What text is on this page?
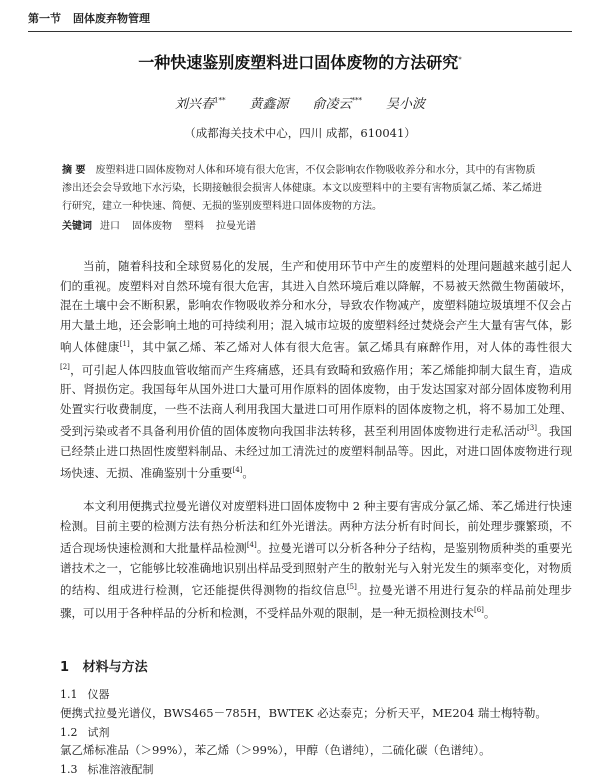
第一节 固体废弃物管理
一种快速鉴别废塑料进口固体废物的方法研究*
刘兴春$^{1**}$ 黄鑫源 俞凌云*** 吴小波
（成都海关技术中心，四川 成都，610041）
摘 要 废塑料进口固体废物对人体和环境有很大危害，不仅会影响农作物吸收养分和水分，其中的有害物质渗出还会会导致地下水污染，长期接触很会损害人体健康。本文以废塑料中的主要有害物质氯乙烯、苯乙烯进行研究，建立一种快速、简便、无损的鉴别废塑料进口固体废物的方法。
关键词 进口 固体废物 塑料 拉曼光谱

当前，随着科技和全球贸易化的发展，生产和使用环节中产生的废塑料的处理问题越来越引起人们的重视。废塑料对自然环境有很大危害，其进入自然环境后难以降解，不易被天然微生物菌破坏，混在土壤中会不断积累，影响农作物吸收养分和水分，导致农作物减产，废塑料随垃圾填埋不仅会占用大量土地，还会影响土地的可持续利用；混入城市垃圾的废塑料经过焚烧会产生大量有害气体，影响人体健康[1]，其中氯乙烯、苯乙烯对人体有很大危害。氯乙烯具有麻醉作用，对人体的毒性很大[2]，可引起人体四肢血管收缩而产生疼痛感，还具有致畸和致癌作用；苯乙烯能抑制大鼠生育，造成肝、肾损伤定。我国每年从国外进口大量可用作原料的固体废物，由于发达国家对部分固体废物利用处置实行收费制度，一些不法商人利用我国大量进口可用作原料的固体废物之机，将不易加工处理、受到污染或者不具备利用价值的固体废物向我国非法转移，甚至利用固体废物进行走私活动[3]。我国已经禁止进口热固性废塑料制品、未经过加工清洗过的废塑料制品等。因此，对进口固体废物进行现场快速、无损、准确鉴别十分重要[4]。

本文利用便携式拉曼光谱仪对废塑料进口固体废物中 2 种主要有害成分氯乙烯、苯乙烯进行快速检测。目前主要的检测方法有热分析法和红外光谱法。两种方法分析有时间长，前处理步骤繁琐，不适合现场快速检测和大批量样品检测[4]。拉曼光谱可以分析各种分子结构，是鉴别物质种类的重要光谱技术之一，它能够比较准确地识别出样品受到照射产生的散射光与入射光发生的频率变化，对物质的结构、组成进行检测，它还能提供得测物的指纹信息[5]。拉曼光谱不用进行复杂的样品前处理步骤，可以用于各种样品的分析和检测，不受样品外观的限制，是一种无损检测技术[6]。

1 材料与方法
1.1 仪器
便携式拉曼光谱仪，BWS465－785H，BWTEK 必达泰克；分析天平，ME204 瑞士梅特勒。
1.2 试剂
氯乙烯标准品（＞99%），苯乙烯（＞99%），甲醇（色谱纯），二硫化碳（色谱纯）。
1.3 标准溶液配制
